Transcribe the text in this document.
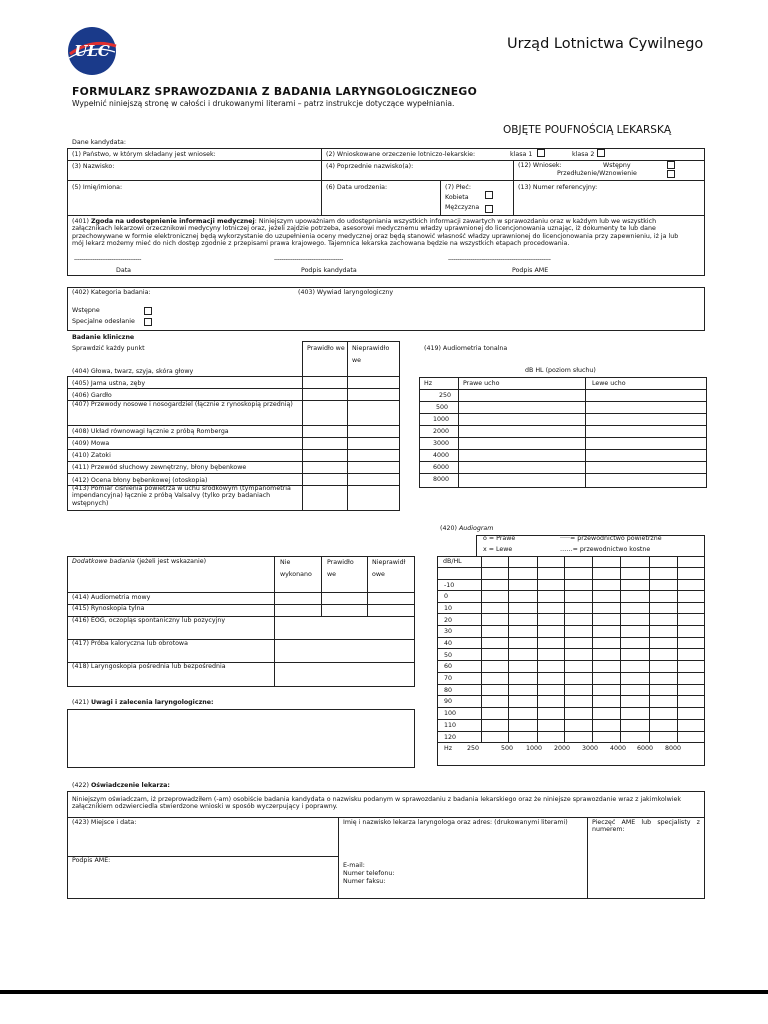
ULC	Urząd Lotnictwa Cywilnego
FORMULARZ SPRAWOZDANIA Z BADANIA LARYNGOLOGICZNEGO
Wypełnić niniejszą stronę w całości i drukowanymi literami – patrz instrukcje dotyczące wypełniania.
OBJĘTE POUFNOŚCIĄ LEKARSKĄ
Dane kandydata:
(1) Państwo, w którym składany jest wniosek:	(2) Wnioskowane orzeczenie lotniczo-lekarskie:	klasa 1	klasa 2
(3) Nazwisko:	(4) Poprzednie nazwisko(a):	(12) Wniosek:	Wstępny
Przedłużenie/Wznowienie
(5) Imię/imiona:	(6) Data urodzenia:	(7) Płeć:
Kobieta
Mężczyzna
(13) Numer referencyjny:
(401) Zgoda na udostępnienie informacji medycznej: Niniejszym upoważniam do udostępniania wszystkich informacji zawartych w sprawozdaniu oraz w każdym lub we wszystkich załącznikach lekarzowi orzecznikowi medycyny lotniczej oraz, jeżeli zajdzie potrzeba, asesorowi medycznemu władzy uprawnionej do licencjonowania uznając, iż dokumenty te lub dane przechowywane w formie elektronicznej będą wykorzystanie do uzupełnienia oceny medycznej oraz będą stanowić własność władzy uprawnionej do licencjonowania przy zapewnieniu, iż ja lub mój lekarz możemy mieć do nich dostęp zgodnie z przepisami prawa krajowego. Tajemnica lekarska zachowana będzie na wszystkich etapach procedowania.
------------------------------------	-------------------------------------	-------------------------------------------------------
Data	Podpis kandydata	Podpis AME
(402) Kategoria badania:	(403) Wywiad laryngologiczny
Wstępne
Specjalne odesłanie
Badanie kliniczne
Sprawdzić każdy punkt	Prawidło we Nieprawidło we
(404) Głowa, twarz, szyja, skóra głowy
(405) Jama ustna, zęby
(406) Gardło
(407) Przewody nosowe i nosogardziel (łącznie z rynoskopią przednią)
(408) Układ równowagi łącznie z próbą Romberga
(409) Mowa
(410) Zatoki
(411) Przewód słuchowy zewnętrzny, błony bębenkowe
(412) Ocena błony bębenkowej (otoskopia)
(413) Pomiar ciśnienia powietrza w uchu środkowym (tympanometria impendancyjna) łącznie z próbą Valsalvy (tylko przy badaniach wstępnych)
(419) Audiometria tonalna
dB HL (poziom słuchu)
Hz	Prawe ucho	Lewe ucho
250
500
1000
2000
3000
4000
6000
8000
(420) Audiogram
o = Prawe	·····= przewodnictwo powietrzne
x = Lewe	……= przewodnictwo kostne
dB/HL
-10
0
10
20
30
40
50
60
70
80
90
100
110
120
Hz 250	500 1000 2000 3000 4000 6000 8000
Dodatkowe badania (jeżeli jest wskazanie)	Nie wykonano
Prawidło we
Nieprawidł owe
(414) Audiometria mowy
(415) Rynoskopia tylna
(416) EOG, oczopląs spontaniczny lub pozycyjny
(417) Próba kaloryczna lub obrotowa
(418) Laryngoskopia pośrednia lub bezpośrednia
(421) Uwagi i zalecenia laryngologiczne:
(422) Oświadczenie lekarza:
Niniejszym oświadczam, iż przeprowadziłem (-am) osobiście badania kandydata o nazwisku podanym w sprawozdaniu z badania lekarskiego oraz że niniejsze sprawozdanie wraz z jakimkolwiek załącznikiem odzwierciedla stwierdzone wnioski w sposób wyczerpujący i poprawny.
(423) Miejsce i data:	Imię i nazwisko lekarza laryngologa oraz adres: (drukowanymi literami)	Pieczęć AME lub specjalisty z numerem:
Podpis AME:
E-mail:
Numer telefonu:
Numer faksu:
